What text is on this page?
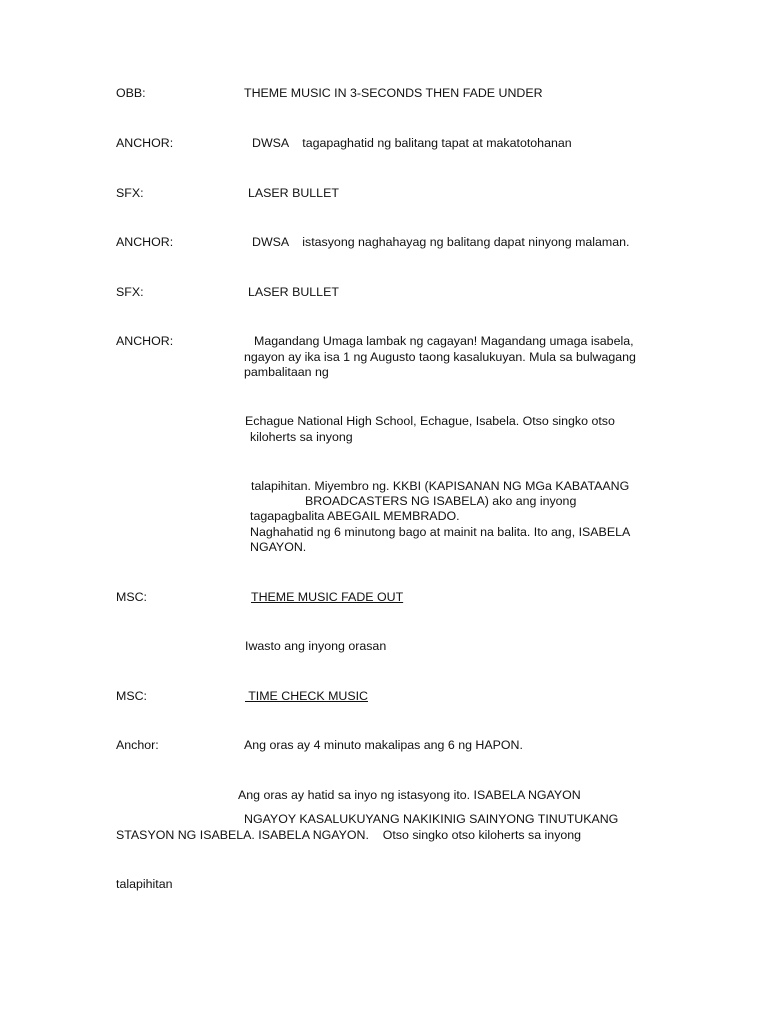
OBB:	THEME MUSIC IN 3-SECONDS THEN FADE UNDER
ANCHOR:	DWSA    tagapaghatid ng balitang tapat at makatotohanan
SFX:	LASER BULLET
ANCHOR:	DWSA    istasyong naghahayag ng balitang dapat ninyong malaman.
SFX:	LASER BULLET
ANCHOR:	Magandang Umaga lambak ng cagayan! Magandang umaga isabela,
ngayon ay ika isa 1 ng Augusto taong kasalukuyan. Mula sa bulwagang
pambalitaan ng
Echague National High School, Echague, Isabela. Otso singko otso
kiloherts sa inyong
talapihitan. Miyembro ng. KKBI (KAPISANAN NG MGa KABATAANG
BROADCASTERS NG ISABELA) ako ang inyong
tagapagbalita ABEGAIL MEMBRADO.
Naghahatid ng 6 minutong bago at mainit na balita. Ito ang, ISABELA
NGAYON.
MSC:	THEME MUSIC FADE OUT
Iwasto ang inyong orasan
MSC:	TIME CHECK MUSIC
Anchor:	Ang oras ay 4 minuto makalipas ang 6 ng HAPON.
Ang oras ay hatid sa inyo ng istasyong ito. ISABELA NGAYON
NGAYOY KASALUKUYANG NAKIKINIG SAINYONG TINUTUKANG
STASYON NG ISABELA. ISABELA NGAYON.    Otso singko otso kiloherts sa inyong
talapihitan
